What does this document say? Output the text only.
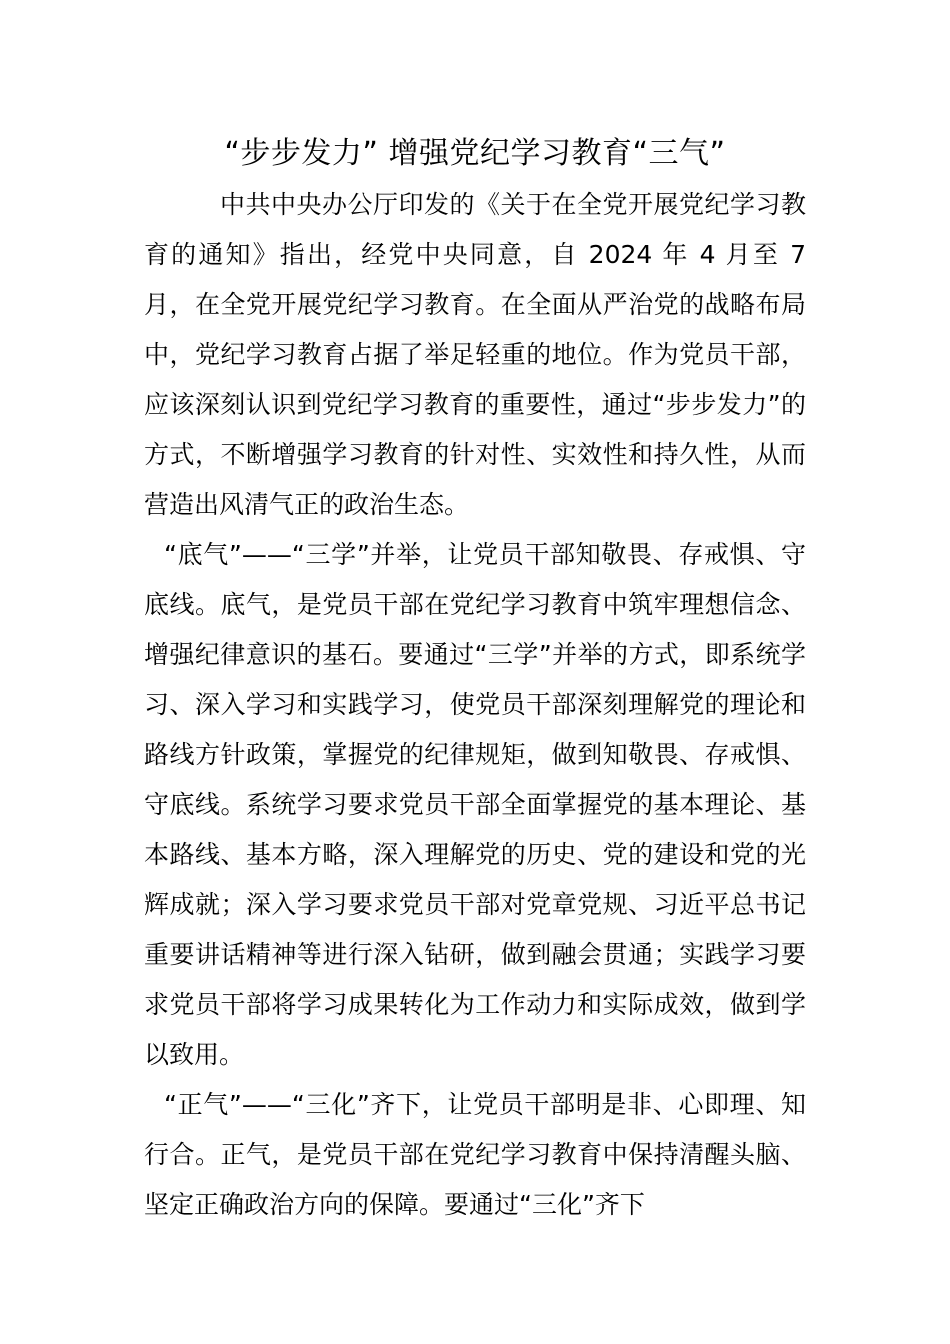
“步步发力” 增强党纪学习教育“三气”

中共中央办公厅印发的《关于在全党开展党纪学习教育的通知》指出，经党中央同意，自 2024 年 4 月至 7 月，在全党开展党纪学习教育。在全面从严治党的战略布局中，党纪学习教育占据了举足轻重的地位。作为党员干部，应该深刻认识到党纪学习教育的重要性，通过“步步发力”的方式，不断增强学习教育的针对性、实效性和持久性，从而营造出风清气正的政治生态。

“底气”——“三学”并举，让党员干部知敬畏、存戒惧、守底线。底气，是党员干部在党纪学习教育中筑牢理想信念、增强纪律意识的基石。要通过“三学”并举的方式，即系统学习、深入学习和实践学习，使党员干部深刻理解党的理论和路线方针政策，掌握党的纪律规矩，做到知敬畏、存戒惧、守底线。系统学习要求党员干部全面掌握党的基本理论、基本路线、基本方略，深入理解党的历史、党的建设和党的光辉成就；深入学习要求党员干部对党章党规、习近平总书记重要讲话精神等进行深入钻研，做到融会贯通；实践学习要求党员干部将学习成果转化为工作动力和实际成效，做到学以致用。

“正气”——“三化”齐下，让党员干部明是非、心即理、知行合。正气，是党员干部在党纪学习教育中保持清醒头脑、坚定正确政治方向的保障。要通过“三化”齐下
